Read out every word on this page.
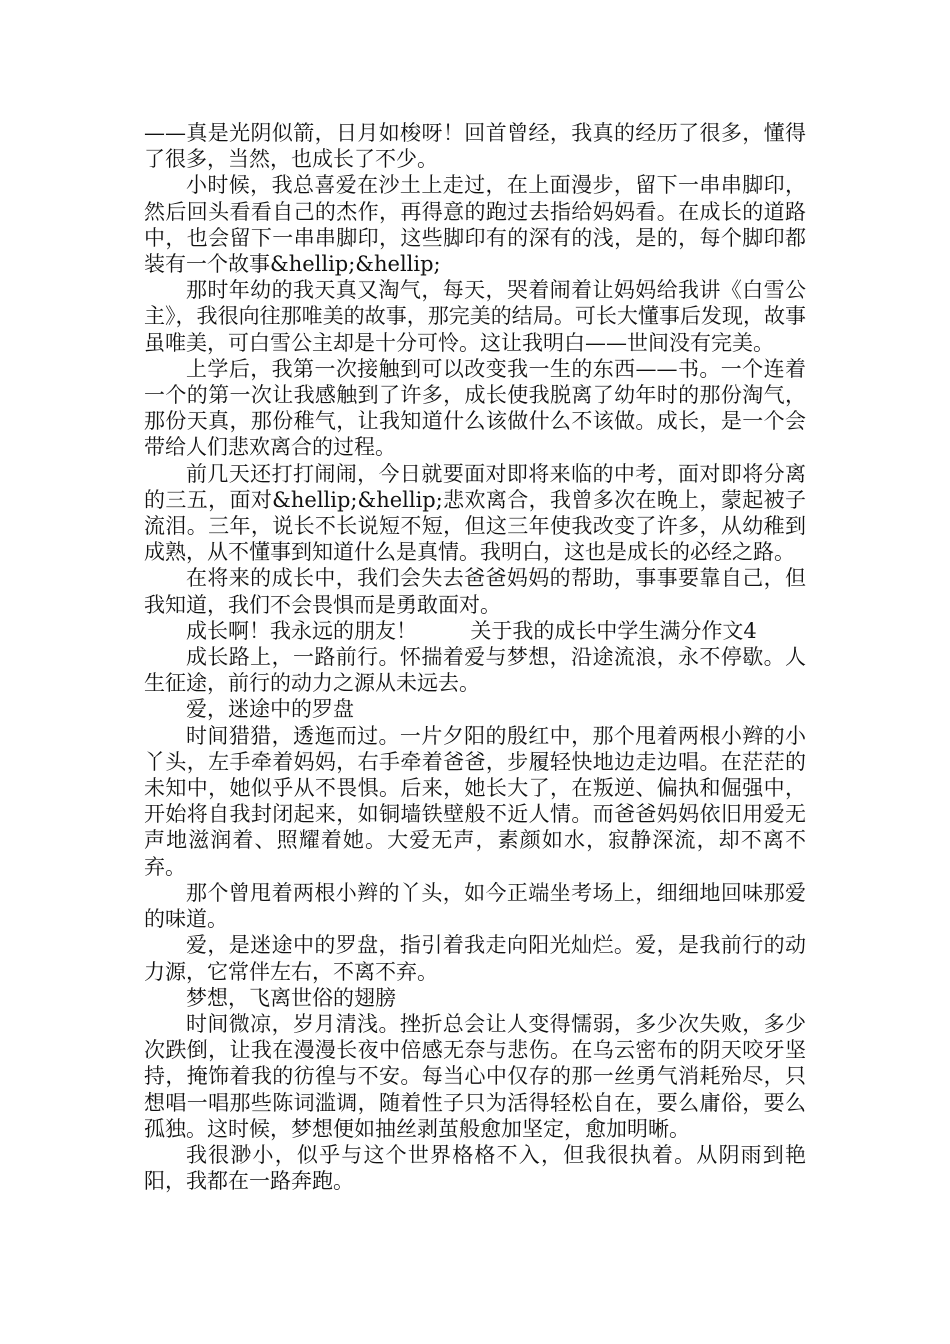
——真是光阴似箭，日月如梭呀！回首曾经，我真的经历了很多，懂得了很多，当然，也成长了不少。

小时候，我总喜爱在沙土上走过，在上面漫步，留下一串串脚印，然后回头看看自己的杰作，再得意的跑过去指给妈妈看。在成长的道路中，也会留下一串串脚印，这些脚印有的深有的浅，是的，每个脚印都装有一个故事&hellip;&hellip;

那时年幼的我天真又淘气，每天，哭着闹着让妈妈给我讲《白雪公主》，我很向往那唯美的故事，那完美的结局。可长大懂事后发现，故事虽唯美，可白雪公主却是十分可怜。这让我明白——世间没有完美。

上学后，我第一次接触到可以改变我一生的东西——书。一个连着一个的第一次让我感触到了许多，成长使我脱离了幼年时的那份淘气，那份天真，那份稚气，让我知道什么该做什么不该做。成长，是一个会带给人们悲欢离合的过程。

前几天还打打闹闹，今日就要面对即将来临的中考，面对即将分离的三五，面对&hellip;&hellip;悲欢离合，我曾多次在晚上，蒙起被子流泪。三年，说长不长说短不短，但这三年使我改变了许多，从幼稚到成熟，从不懂事到知道什么是真情。我明白，这也是成长的必经之路。

在将来的成长中，我们会失去爸爸妈妈的帮助，事事要靠自己，但我知道，我们不会畏惧而是勇敢面对。

成长啊！我永远的朋友！        关于我的成长中学生满分作文4

成长路上，一路前行。怀揣着爱与梦想，沿途流浪，永不停歇。人生征途，前行的动力之源从未远去。

爱，迷途中的罗盘

时间猎猎，透迤而过。一片夕阳的殷红中，那个甩着两根小辫的小丫头，左手牵着妈妈，右手牵着爸爸，步履轻快地边走边唱。在茫茫的未知中，她似乎从不畏惧。后来，她长大了，在叛逆、偏执和倔强中，开始将自我封闭起来，如铜墙铁壁般不近人情。而爸爸妈妈依旧用爱无声地滋润着、照耀着她。大爱无声，素颜如水，寂静深流，却不离不弃。

那个曾甩着两根小辫的丫头，如今正端坐考场上，细细地回味那爱的味道。

爱，是迷途中的罗盘，指引着我走向阳光灿烂。爱，是我前行的动力源，它常伴左右，不离不弃。

梦想，飞离世俗的翅膀

时间微凉，岁月清浅。挫折总会让人变得懦弱，多少次失败，多少次跌倒，让我在漫漫长夜中倍感无奈与悲伤。在乌云密布的阴天咬牙坚持，掩饰着我的彷徨与不安。每当心中仅存的那一丝勇气消耗殆尽，只想唱一唱那些陈词滥调，随着性子只为活得轻松自在，要么庸俗，要么孤独。这时候，梦想便如抽丝剥茧般愈加坚定，愈加明晰。

我很渺小，似乎与这个世界格格不入，但我很执着。从阴雨到艳阳，我都在一路奔跑。
